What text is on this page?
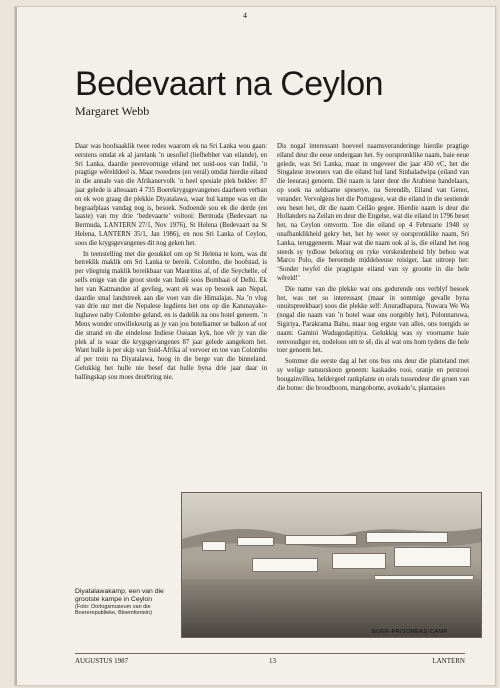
4
Bedevaart na Ceylon
Margaret Webb

Daar was hoofsaaklik twee redes waarom ek na Sri Lanka wou gaan: eerstens omdat ek al jarelank ’n uesofiel (liefhebber van eilande), en Sri Lanka, daardie peerevormige eiland net suid-oos van Indië, ’n pragtige wêrelddeel is. Maar tweedens (en veral) omdat hierdie eiland in die annale van die Afrikanervolk ’n heel spesiale plek beklee: 87 jaar gelede is altesaam 4 735 Boerekrygsgevangenes daarheen verban en ek wou graag die plekkie Diyatalawa, waar hul kampe was en die begraafplaas vandag nog is, besoek. Sodoende sou ek die derde (en laaste) van my drie ‘bedevaarte’ voltooi: Bermuda (Bedevaart na Bermuda, LANTERN 27/1, Nov 1976), St Helena (Bedevaart na St Helena, LANTERN 35/1, Jan 1986), en nou Sri Lanka of Ceylon, soos die krygsgevangenes dit nog geken het.

In teenstelling met die gesukkel om op St Helena te kom, was dit betreklik maklik om Sri Lanka te bereik. Colombo, die hoofstad, is per vliegtuig maklik bereikbaar van Mauritius af, of die Seychelle, of selfs enige van die groot stede van Indië soos Bombaai of Delhi. Ek het van Katmandoe af gevlieg, want ek was op besoek aan Nepal, daardie smal landstreek aan die voet van die Himalajas. Na ’n vlug van drie uur met die Nepalese lugdiens het ons op die Katunayake-lughawe naby Colombo geland, en is dadelik na ons hotel geneem. ’n Mens wonder onwillekeurig as jy van jou hotelkamer se balkon af oor die strand en die eindelose Indiese Oseaan kyk, hoe vêr jy van die plek af is waar die krygsgevangenes 87 jaar gelede aangekom het. Want hulle is per skip van Suid-Afrika af vervoer en toe van Colombo af per trein na Diyatalawa, hoog in die berge van die binneland. Gelukkig het hulle nie besef dat hulle byna drie jaar daar in ballingskap sou moes deurbring nie.

Dis nogal interessant hoeveel naamsveranderinge hierdie pragtige eiland deur die eeue ondergaan het. Sy oorspronklike naam, baie eeue gelede, was Sri Lanka, maar in ongeveer die jaar 450 vC, het die Singalese inwoners van die eiland hul land Sinhaladwipa (eiland van die leeuras) genoem. Dié naam is later deur die Arabiese handelaars, op soek na seldsame speserye, na Serendib, Eiland van Genot, verander. Vervolgens het die Portugese, wat die eiland in die sestiende eeu beset het, dit die naam Ceilão gegee. Hierdie naam is deur die Hollanders na Zeilan en deur die Engelse, wat die eiland in 1796 beset het, na Ceylon omvorm. Toe die eiland op 4 Februarie 1948 sy onafhanklikheid gekry het, het hy weer sy oorspronklike naam, Sri Lanka, teruggeneem. Maar wat die naam ook al is, die eiland het nog steeds sy tydlose bekoring en ryke verskeidenheid bly behou wat Marco Polo, die beroemde middeleeuse reisiger, laat uitroep het: ‘Sonder twyfel die pragtigste eiland van sy grootte in die hele wêreld!’

Die name van die plekke wat ons gedurende ons verblyf besoek het, was net so interessant (maar in sommige gevalle byna onuitspreekbaar) soos die plekke self: Anuradhapura, Nuwara We Wa (nogal die naam van ’n hotel waar ons oorgebly het), Polonnaruwa, Sigiriya, Parakrama Bahu, maar nog ergste van alles, ons toergids se naam: Gamini Wadugodapitiya. Gelukkig was sy voorname baie eenvoudiger en, nodeloos om te sê, dis al wat ons hom tydens die hele toer genoem het.

Sommer die eerste dag al het ons bus ons deur die platteland met sy welige natuurskoon geneem: kaskades rooi, oranje en persrooi bougainvillea, heldergeel rankplante en orals tussendeur die groen van die bome: die broodboom, mangobome, avokado’s, plantasies

BOER-PRISONERS-CAMP
Diyatalawakamp, een van die grootste kampe in Ceylon
(Foto: Oorlogsmuseum van die Boererepublieke, Bloemfontein)
AUGUSTUS 1987	13	LANTERN
